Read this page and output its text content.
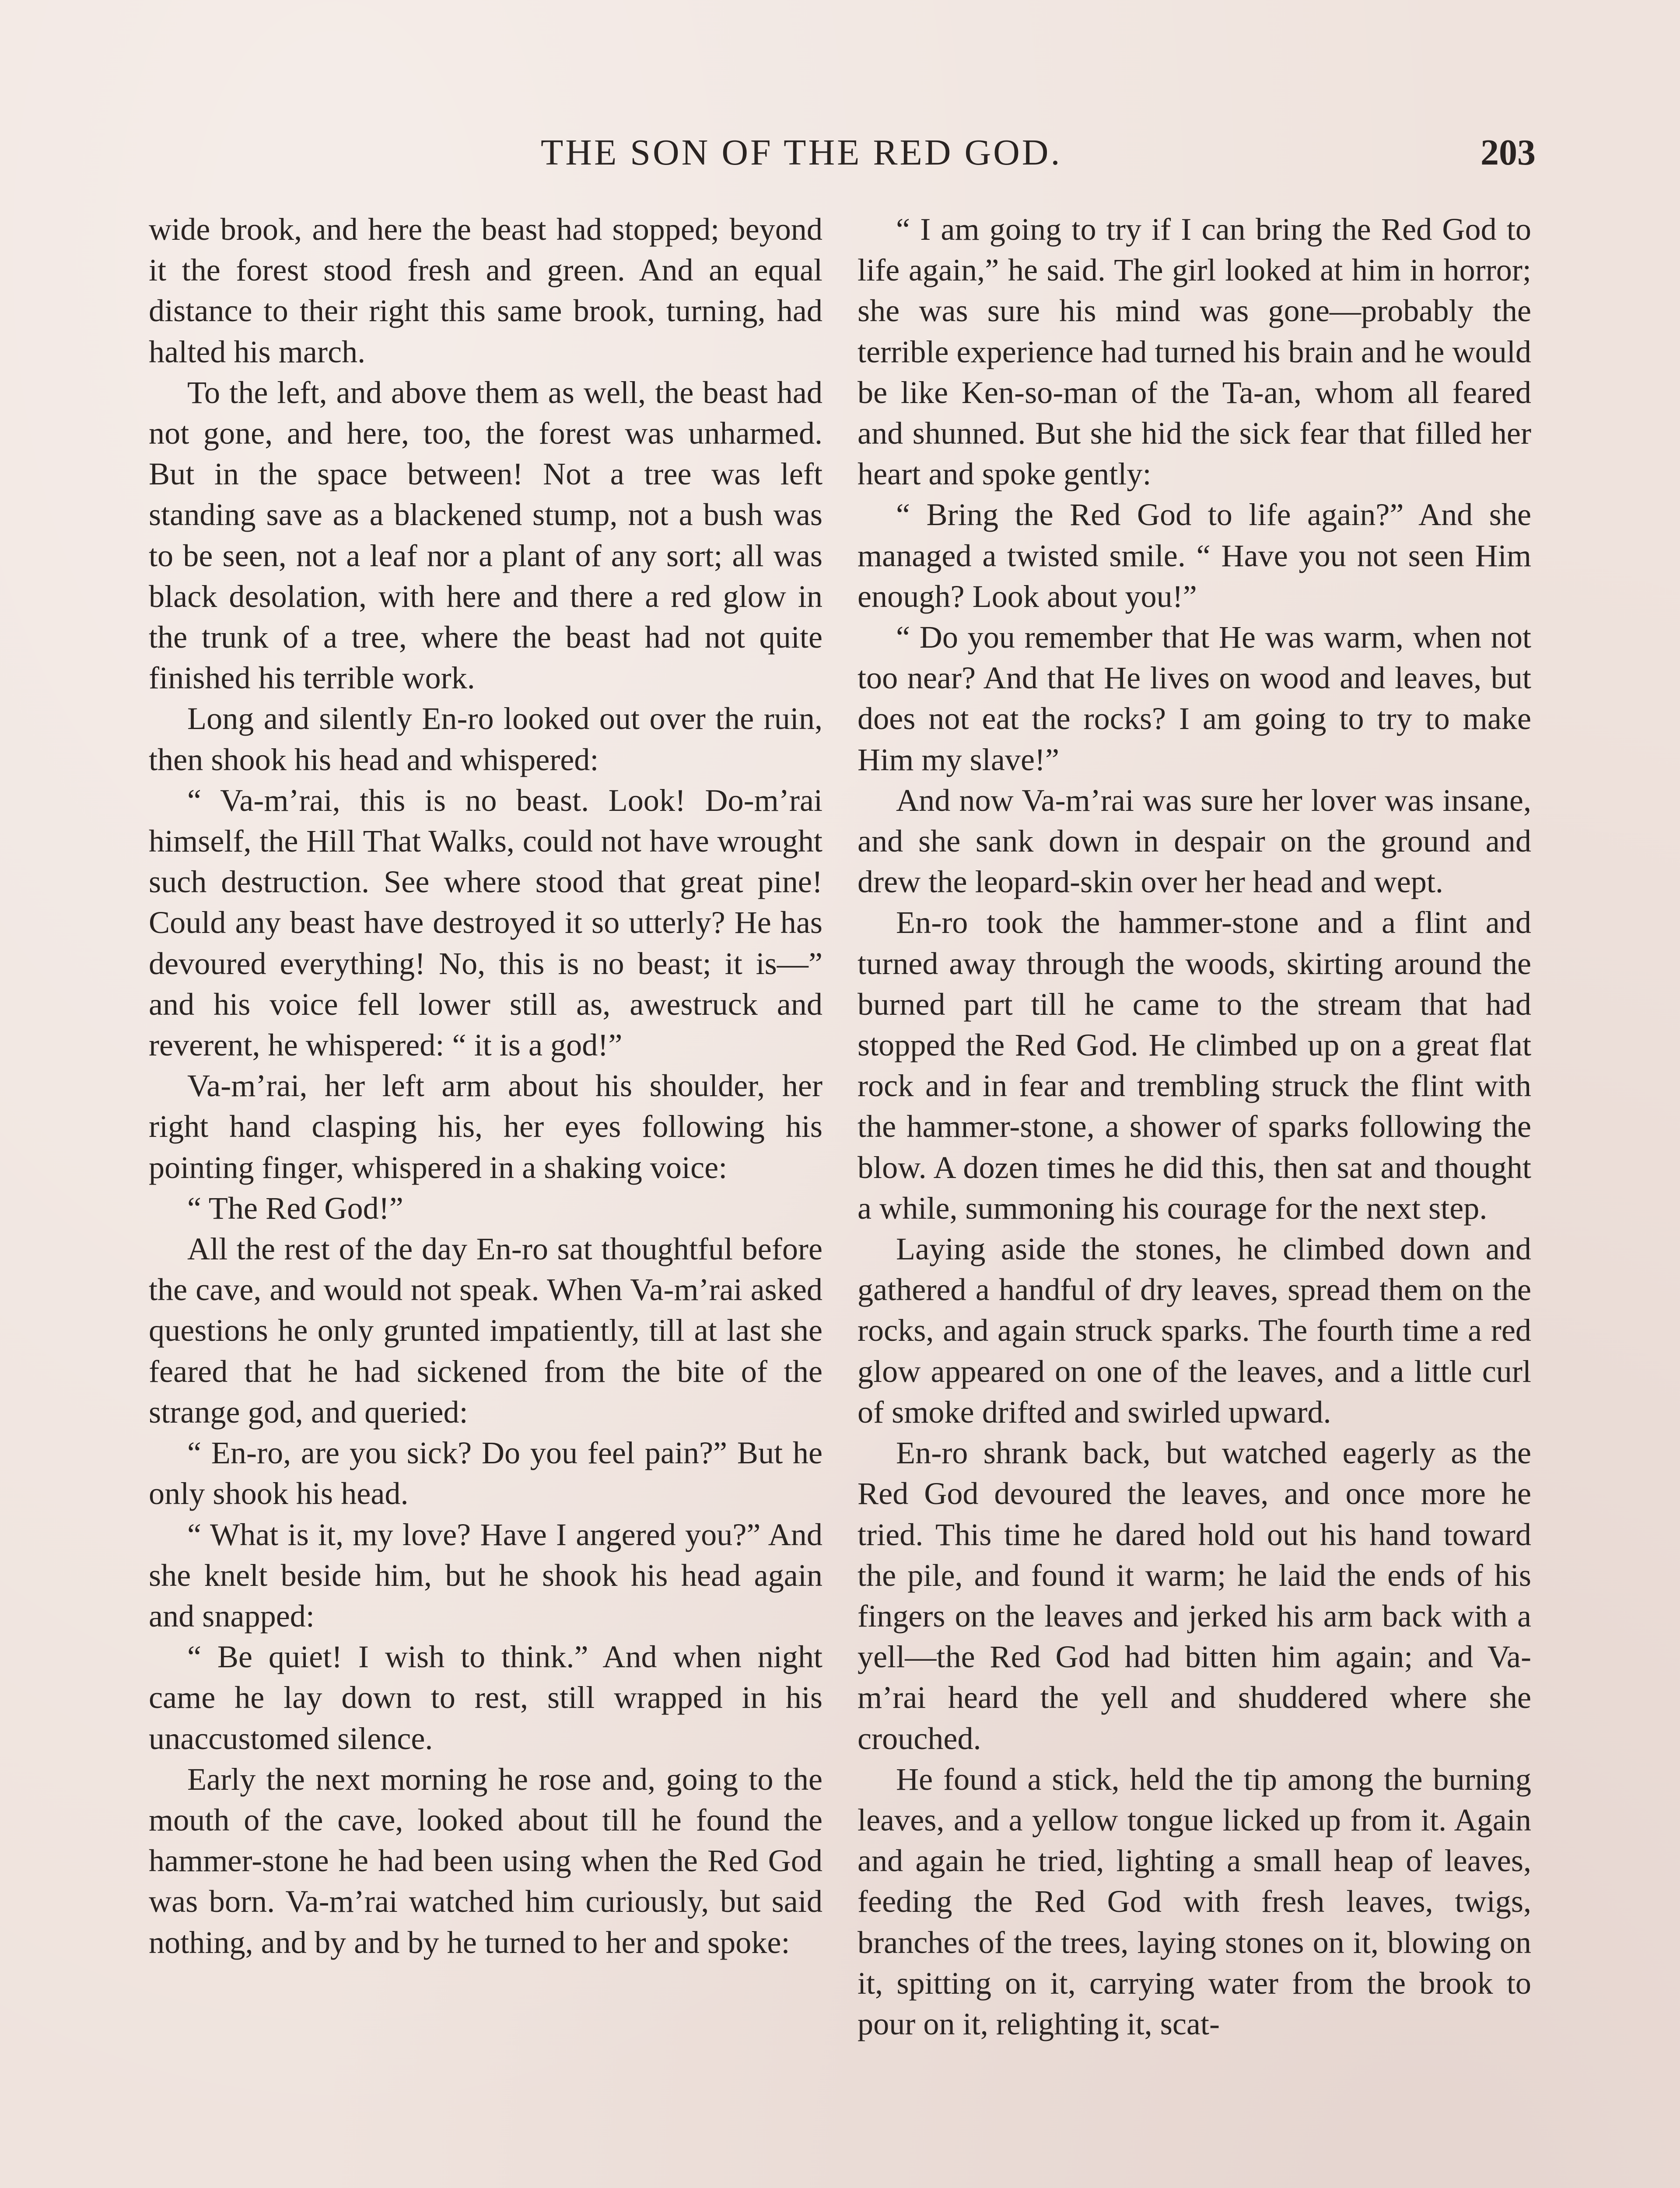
THE SON OF THE RED GOD.	203

wide brook, and here the beast had stopped; beyond it the forest stood fresh and green. And an equal distance to their right this same brook, turning, had halted his march.

To the left, and above them as well, the beast had not gone, and here, too, the forest was unharmed. But in the space between! Not a tree was left standing save as a blackened stump, not a bush was to be seen, not a leaf nor a plant of any sort; all was black desolation, with here and there a red glow in the trunk of a tree, where the beast had not quite finished his terrible work.

Long and silently En-ro looked out over the ruin, then shook his head and whispered:

“ Va-m’rai, this is no beast. Look! Do-m’rai himself, the Hill That Walks, could not have wrought such destruction. See where stood that great pine! Could any beast have destroyed it so utterly? He has devoured everything! No, this is no beast; it is—” and his voice fell lower still as, awestruck and reverent, he whispered: “ it is a god!”

Va-m’rai, her left arm about his shoulder, her right hand clasping his, her eyes following his pointing finger, whispered in a shaking voice:

“ The Red God!”

All the rest of the day En-ro sat thoughtful before the cave, and would not speak. When Va-m’rai asked questions he only grunted impatiently, till at last she feared that he had sickened from the bite of the strange god, and queried:

“ En-ro, are you sick? Do you feel pain?” But he only shook his head.

“ What is it, my love? Have I angered you?” And she knelt beside him, but he shook his head again and snapped:

“ Be quiet! I wish to think.” And when night came he lay down to rest, still wrapped in his unaccustomed silence.

Early the next morning he rose and, going to the mouth of the cave, looked about till he found the hammer-stone he had been using when the Red God was born. Va-m’rai watched him curiously, but said nothing, and by and by he turned to her and spoke:

“ I am going to try if I can bring the Red God to life again,” he said. The girl looked at him in horror; she was sure his mind was gone—probably the terrible experience had turned his brain and he would be like Ken-so-man of the Ta-an, whom all feared and shunned. But she hid the sick fear that filled her heart and spoke gently:

“ Bring the Red God to life again?” And she managed a twisted smile. “ Have you not seen Him enough? Look about you!”

“ Do you remember that He was warm, when not too near? And that He lives on wood and leaves, but does not eat the rocks? I am going to try to make Him my slave!”

And now Va-m’rai was sure her lover was insane, and she sank down in despair on the ground and drew the leopard-skin over her head and wept.

En-ro took the hammer-stone and a flint and turned away through the woods, skirting around the burned part till he came to the stream that had stopped the Red God. He climbed up on a great flat rock and in fear and trembling struck the flint with the hammer-stone, a shower of sparks following the blow. A dozen times he did this, then sat and thought a while, summoning his courage for the next step.

Laying aside the stones, he climbed down and gathered a handful of dry leaves, spread them on the rocks, and again struck sparks. The fourth time a red glow appeared on one of the leaves, and a little curl of smoke drifted and swirled upward.

En-ro shrank back, but watched eagerly as the Red God devoured the leaves, and once more he tried. This time he dared hold out his hand toward the pile, and found it warm; he laid the ends of his fingers on the leaves and jerked his arm back with a yell—the Red God had bitten him again; and Va-m’rai heard the yell and shuddered where she crouched.

He found a stick, held the tip among the burning leaves, and a yellow tongue licked up from it. Again and again he tried, lighting a small heap of leaves, feeding the Red God with fresh leaves, twigs, branches of the trees, laying stones on it, blowing on it, spitting on it, carrying water from the brook to pour on it, relighting it, scat-
